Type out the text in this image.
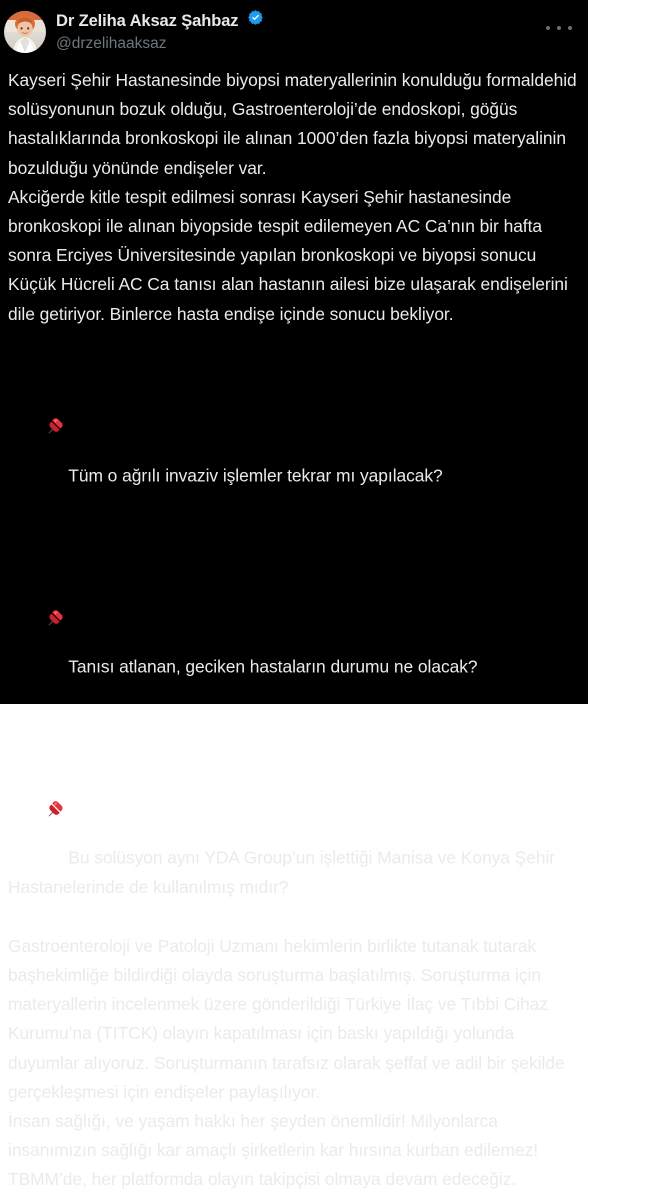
Dr Zeliha Aksaz Şahbaz
@drzelihaaksaz

Kayseri Şehir Hastanesinde biyopsi materyallerinin konulduğu formaldehid solüsyonunun bozuk olduğu, Gastroenteroloji’de endoskopi, göğüs hastalıklarında bronkoskopi ile alınan 1000’den fazla biyopsi materyalinin bozulduğu yönünde endişeler var.

Akciğerde kitle tespit edilmesi sonrası Kayseri Şehir hastanesinde bronkoskopi ile alınan biyopside tespit edilemeyen AC Ca’nın bir hafta sonra Erciyes Üniversitesinde yapılan bronkoskopi ve biyopsi sonucu Küçük Hücreli AC Ca tanısı alan hastanın ailesi bize ulaşarak endişelerini dile getiriyor. Binlerce hasta endişe içinde sonucu bekliyor.

Tüm o ağrılı invaziv işlemler tekrar mı yapılacak?

Tanısı atlanan, geciken hastaların durumu ne olacak?

Bu solüsyon aynı YDA Group’un işlettiği Manisa ve Konya Şehir Hastanelerinde de kullanılmış mıdır?

Gastroenteroloji ve Patoloji Uzmanı hekimlerin birlikte tutanak tutarak başhekimliğe bildirdiği olayda soruşturma başlatılmış. Soruşturma için materyallerin incelenmek üzere gönderildiği Türkiye İlaç ve Tıbbi Cihaz Kurumu’na (TITCK) olayın kapatılması için baskı yapıldığı yolunda duyumlar alıyoruz. Soruşturmanın tarafsız olarak şeffaf ve adil bir şekilde gerçekleşmesi için endişeler paylaşılıyor.

İnsan sağlığı, ve yaşam hakkı her şeyden önemlidir! Milyonlarca insanımızın sağlığı kar amaçlı şirketlerin kar hırsına kurban edilemez! TBMM’de, her platformda olayın takipçisi olmaya devam edeceğiz.
